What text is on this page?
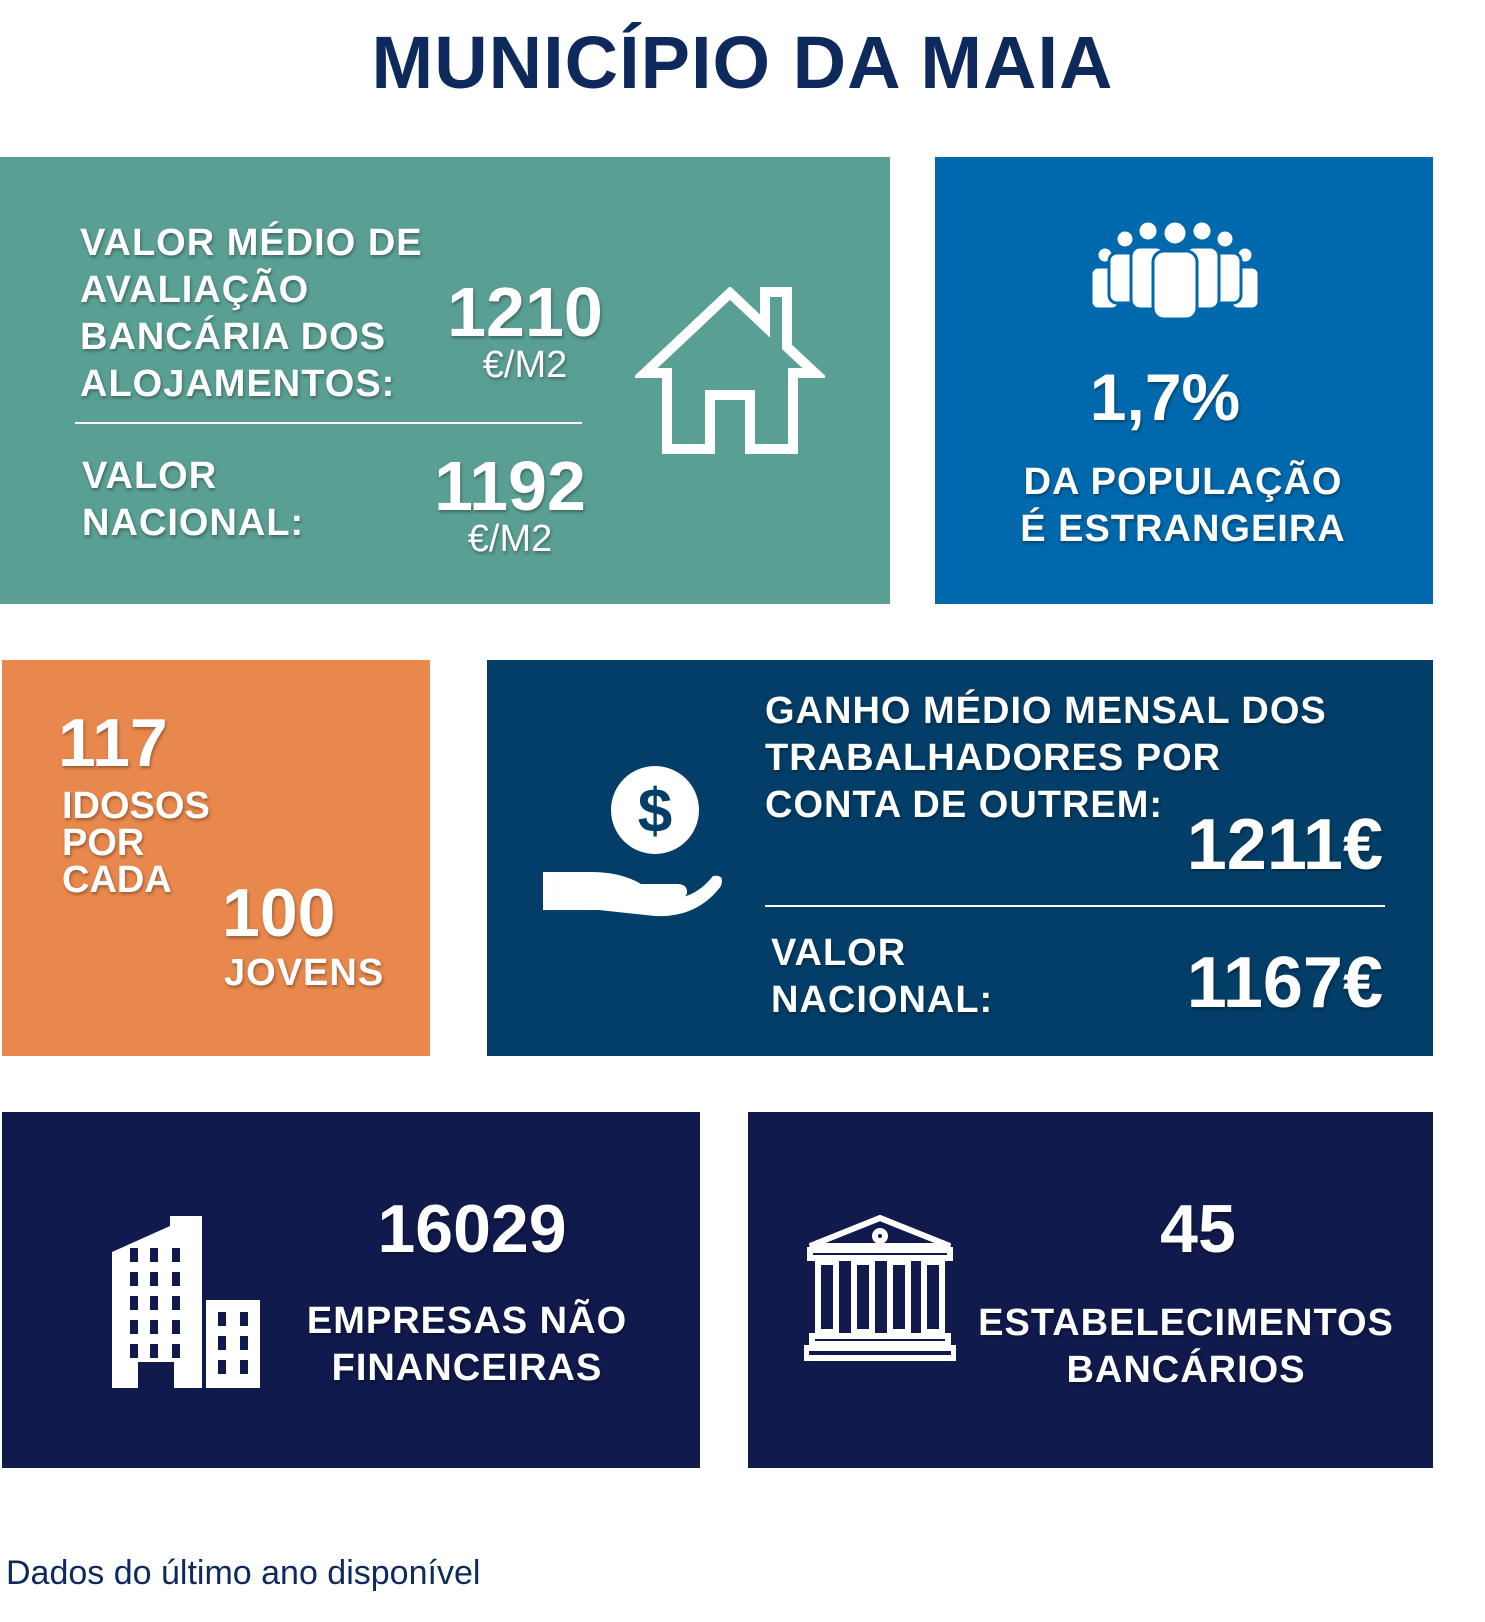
MUNICÍPIO DA MAIA
VALOR MÉDIO DE
AVALIAÇÃO
BANCÁRIA DOS
ALOJAMENTOS:
1210
€/M2
VALOR
NACIONAL: 1192
€/M2
1,7%
DA POPULAÇÃO
É ESTRANGEIRA
117
IDOSOS
POR
CADA 100
JOVENS
$
GANHO MÉDIO MENSAL DOS
TRABALHADORES POR
CONTA DE OUTREM: 1211€
VALOR
NACIONAL:	1167€
16029
EMPRESAS NÃO
FINANCEIRAS
45
ESTABELECIMENTOS
BANCÁRIOS
Dados do último ano disponível
